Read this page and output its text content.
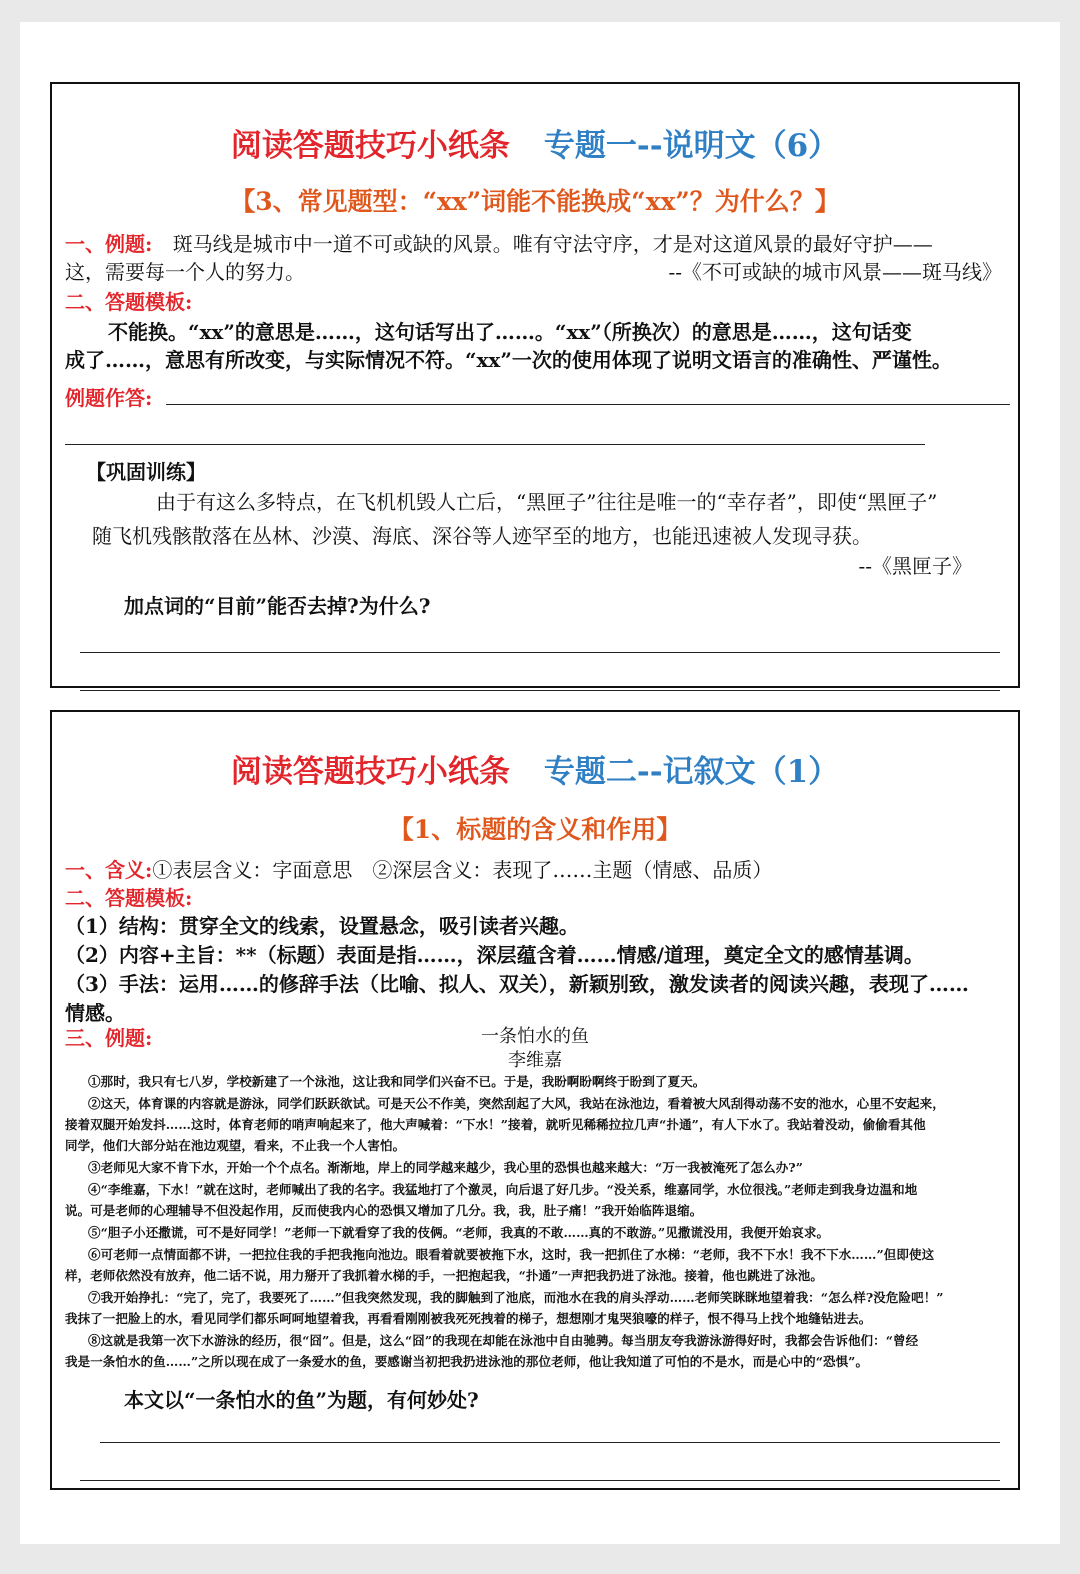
阅读答题技巧小纸条 专题一--说明文（6）
【3、常见题型：“xx”词能不能换成“xx”？为什么？】
一、例题: 斑马线是城市中一道不可或缺的风景。唯有守法守序，才是对这道风景的最好守护——
这，需要每一个人的努力。	--《不可或缺的城市风景——斑马线》
二、答题模板:
不能换。“xx”的意思是……，这句话写出了……。“xx”（所换次）的意思是……，这句话变
成了……，意思有所改变，与实际情况不符。“xx”一次的使用体现了说明文语言的准确性、严谨性。
例题作答:
【巩固训练】
由于有这么多特点，在飞机机毁人亡后，“黑匣子”往往是唯一的“幸存者”，即使“黑匣子”
随飞机残骸散落在丛林、沙漠、海底、深谷等人迹罕至的地方，也能迅速被人发现寻获。
--《黑匣子》
加点词的“目前”能否去掉?为什么?
阅读答题技巧小纸条 专题二--记叙文（1）
【1、标题的含义和作用】
一、含义:①表层含义：字面意思　②深层含义：表现了……主题（情感、品质）
二、答题模板:
（1）结构：贯穿全文的线索，设置悬念，吸引读者兴趣。
（2）内容+主旨：**（标题）表面是指……，深层蕴含着……情感/道理，奠定全文的感情基调。
（3）手法：运用……的修辞手法（比喻、拟人、双关），新颖别致，激发读者的阅读兴趣，表现了……
情感。
三、例题:	一条怕水的鱼
李维嘉
①那时，我只有七八岁，学校新建了一个泳池，这让我和同学们兴奋不已。于是，我盼啊盼啊终于盼到了夏天。
②这天，体育课的内容就是游泳，同学们跃跃欲试。可是天公不作美，突然刮起了大风，我站在泳池边，看着被大风刮得动荡不安的池水，心里不安起来，
接着双腿开始发抖……这时，体育老师的哨声响起来了，他大声喊着：“下水！”接着，就听见稀稀拉拉几声“扑通”，有人下水了。我站着没动，偷偷看其他
同学，他们大部分站在池边观望，看来，不止我一个人害怕。
③老师见大家不肯下水，开始一个个点名。渐渐地，岸上的同学越来越少，我心里的恐惧也越来越大：“万一我被淹死了怎么办?”
④“李维嘉，下水！”就在这时，老师喊出了我的名字。我猛地打了个激灵，向后退了好几步。“没关系，维嘉同学，水位很浅。”老师走到我身边温和地
说。可是老师的心理辅导不但没起作用，反而使我内心的恐惧又增加了几分。我，我，肚子痛！”我开始临阵退缩。
⑤“胆子小还撒谎，可不是好同学！”老师一下就看穿了我的伎俩。“老师，我真的不敢……真的不敢游。”见撒谎没用，我便开始哀求。
⑥可老师一点情面都不讲，一把拉住我的手把我拖向池边。眼看着就要被拖下水，这时，我一把抓住了水梯：“老师，我不下水！我不下水……”但即使这
样，老师依然没有放弃，他二话不说，用力掰开了我抓着水梯的手，一把抱起我，“扑通”一声把我扔进了泳池。接着，他也跳进了泳池。
⑦我开始挣扎：“完了，完了，我要死了……”但我突然发现，我的脚触到了池底，而池水在我的肩头浮动……老师笑眯眯地望着我：“怎么样?没危险吧！”
我抹了一把脸上的水，看见同学们都乐呵呵地望着我，再看看刚刚被我死死拽着的梯子，想想刚才鬼哭狼嚎的样子，恨不得马上找个地缝钻进去。
⑧这就是我第一次下水游泳的经历，很“囧”。但是，这么“囧”的我现在却能在泳池中自由驰骋。每当朋友夸我游泳游得好时，我都会告诉他们：“曾经
我是一条怕水的鱼……”之所以现在成了一条爱水的鱼，要感谢当初把我扔进泳池的那位老师，他让我知道了可怕的不是水，而是心中的“恐惧”。
本文以“一条怕水的鱼”为题，有何妙处?
